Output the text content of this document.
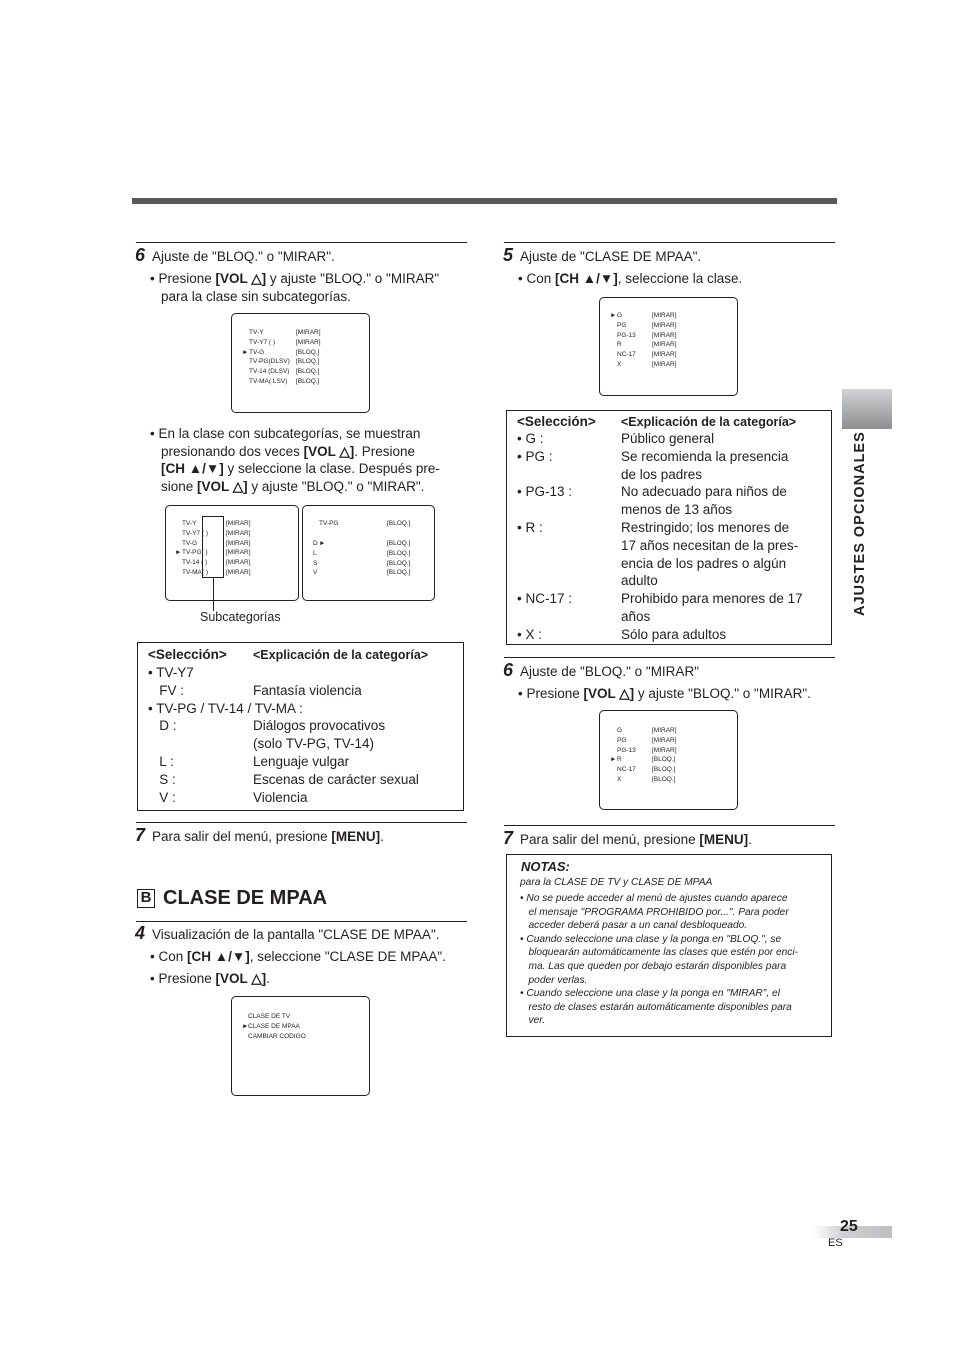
6 Ajuste de "BLOQ." o "MIRAR".
• Presione [VOL △] y ajuste "BLOQ." o "MIRAR"
para la clase sin subcategorías.
TV-Y	[MIRAR]
TV-Y7 ( )	[MIRAR]
► TV-G	[BLOQ.]
TV-PG(DLSV) [BLOQ.]
TV-14 (DLSV) [BLOQ.]
TV-MA( LSV) [BLOQ.]
• En la clase con subcategorías, se muestran
presionando dos veces [VOL △]. Presione
[CH ▲/▼] y seleccione la clase. Después pre-
sione [VOL △] y ajuste "BLOQ." o "MIRAR".
TV-Y	[MIRAR]
TV-Y7 ( )	[MIRAR]
TV-G	[MIRAR]
► TV-PG( )	[MIRAR]
TV-14 ( )	[MIRAR]
TV-MA( )	[MIRAR]
Subcategorías
TV-PG	[BLOQ.]
D ►	[BLOQ.]
L	[BLOQ.]
S	[BLOQ.]
V	[BLOQ.]
<Selección> <Explicación de la categoría>
• TV-Y7
FV :	Fantasía violencia
• TV-PG / TV-14 / TV-MA :
D :	Diálogos provocativos
(solo TV-PG, TV-14)
L :	Lenguaje vulgar
S :	Escenas de carácter sexual
V :	Violencia
7 Para salir del menú, presione [MENU].
B CLASE DE MPAA
4 Visualización de la pantalla "CLASE DE MPAA".
• Con [CH ▲/▼], seleccione "CLASE DE MPAA".
• Presione [VOL △].
CLASE DE TV
► CLASE DE MPAA
CAMBIAR CODIGO
5 Ajuste de "CLASE DE MPAA".
• Con [CH ▲/▼], seleccione la clase.
► G	[MIRAR]
PG	[MIRAR]
PG-13 [MIRAR]
R	[MIRAR]
NC-17 [MIRAR]
X	[MIRAR]
<Selección> <Explicación de la categoría>
• G :	Público general
• PG :	Se recomienda la presencia
de los padres
• PG-13 :	No adecuado para niños de
menos de 13 años
• R :	Restringido; los menores de
17 años necesitan de la pres-
encia de los padres o algún
adulto
• NC-17 :	Prohibido para menores de 17
años
• X :	Sólo para adultos
6 Ajuste de "BLOQ." o "MIRAR"
• Presione [VOL △] y ajuste "BLOQ." o "MIRAR".
G	[MIRAR]
PG	[MIRAR]
PG-13 [MIRAR]
► R	[BLOQ.]
NC-17 [BLOQ.]
X	[BLOQ.]
7 Para salir del menú, presione [MENU].
NOTAS:
para la CLASE DE TV y CLASE DE MPAA
• No se puede acceder al menú de ajustes cuando aparece
el mensaje "PROGRAMA PROHIBIDO por...". Para poder
acceder deberá pasar a un canal desbloqueado.
• Cuando seleccione una clase y la ponga en "BLOQ.", se
bloquearán automáticamente las clases que estén por enci-
ma. Las que queden por debajo estarán disponibles para
poder verlas.
• Cuando seleccione una clase y la ponga en "MIRAR", el
resto de clases estarán automáticamente disponibles para
ver.
AJUSTES OPCIONALES
25
ES
